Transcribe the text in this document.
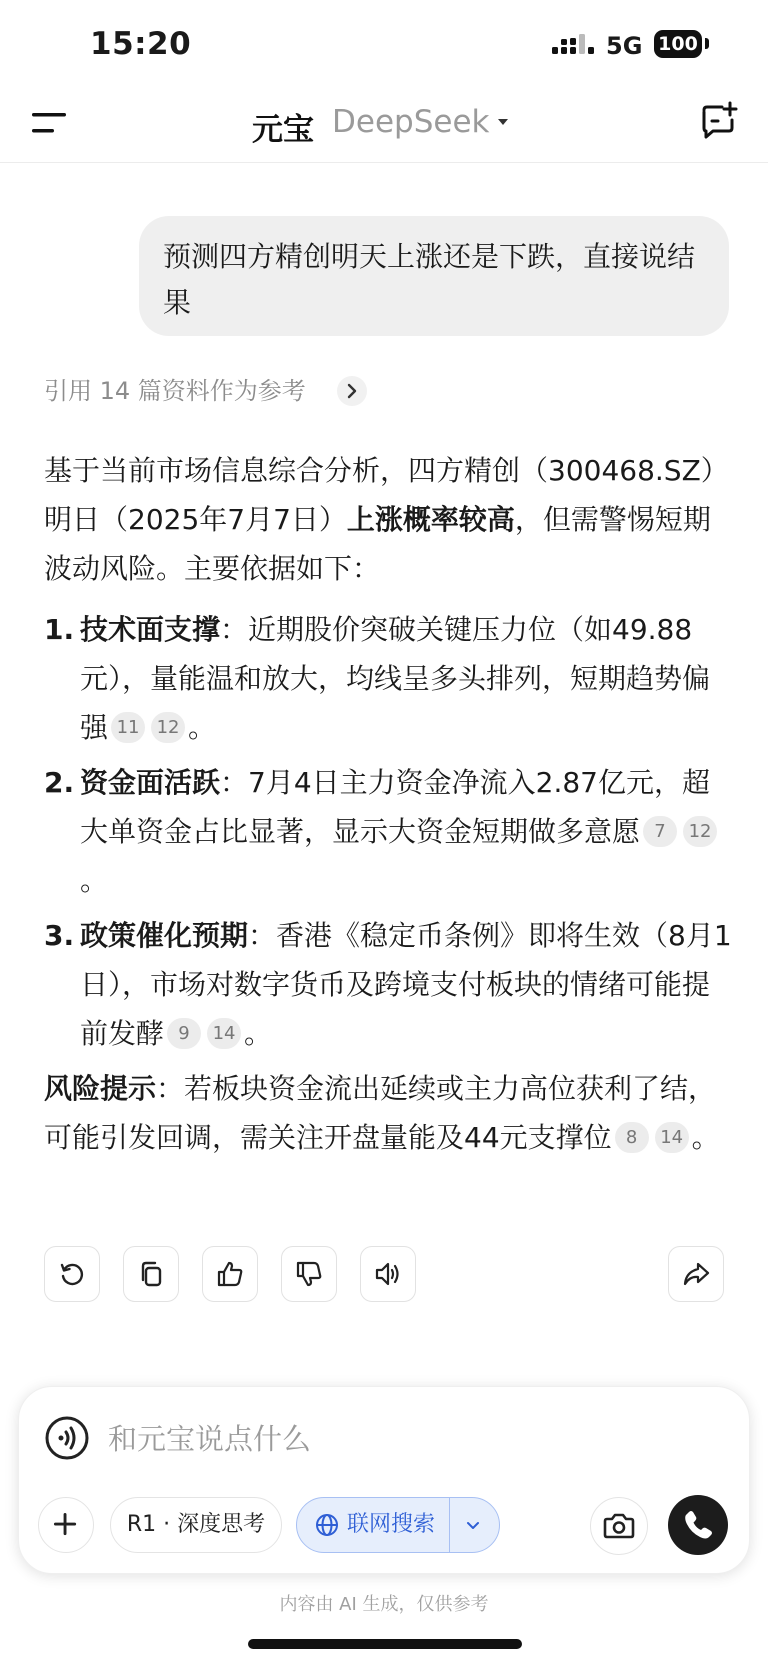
15:20	5G 100
元宝 DeepSeek
预测四方精创明天上涨还是下跌，直接说结果
引用 14 篇资料作为参考

基于当前市场信息综合分析，四方精创（300468.SZ）明日（2025年7月7日）上涨概率较高，但需警惕短期波动风险。主要依据如下：

1. 技术面支撑：近期股价突破关键压力位（如49.88元），量能温和放大，均线呈多头排列，短期趋势偏强 11 12 。
2. 资金面活跃：7月4日主力资金净流入2.87亿元，超大单资金占比显著，显示大资金短期做多意愿 7 12。
3. 政策催化预期：香港《稳定币条例》即将生效（8月1日），市场对数字货币及跨境支付板块的情绪可能提前发酵 9 14 。

风险提示：若板块资金流出延续或主力高位获利了结，可能引发回调，需关注开盘量能及44元支撑位 8 14 。

和元宝说点什么
R1 · 深度思考	联网搜索
内容由 AI 生成，仅供参考
